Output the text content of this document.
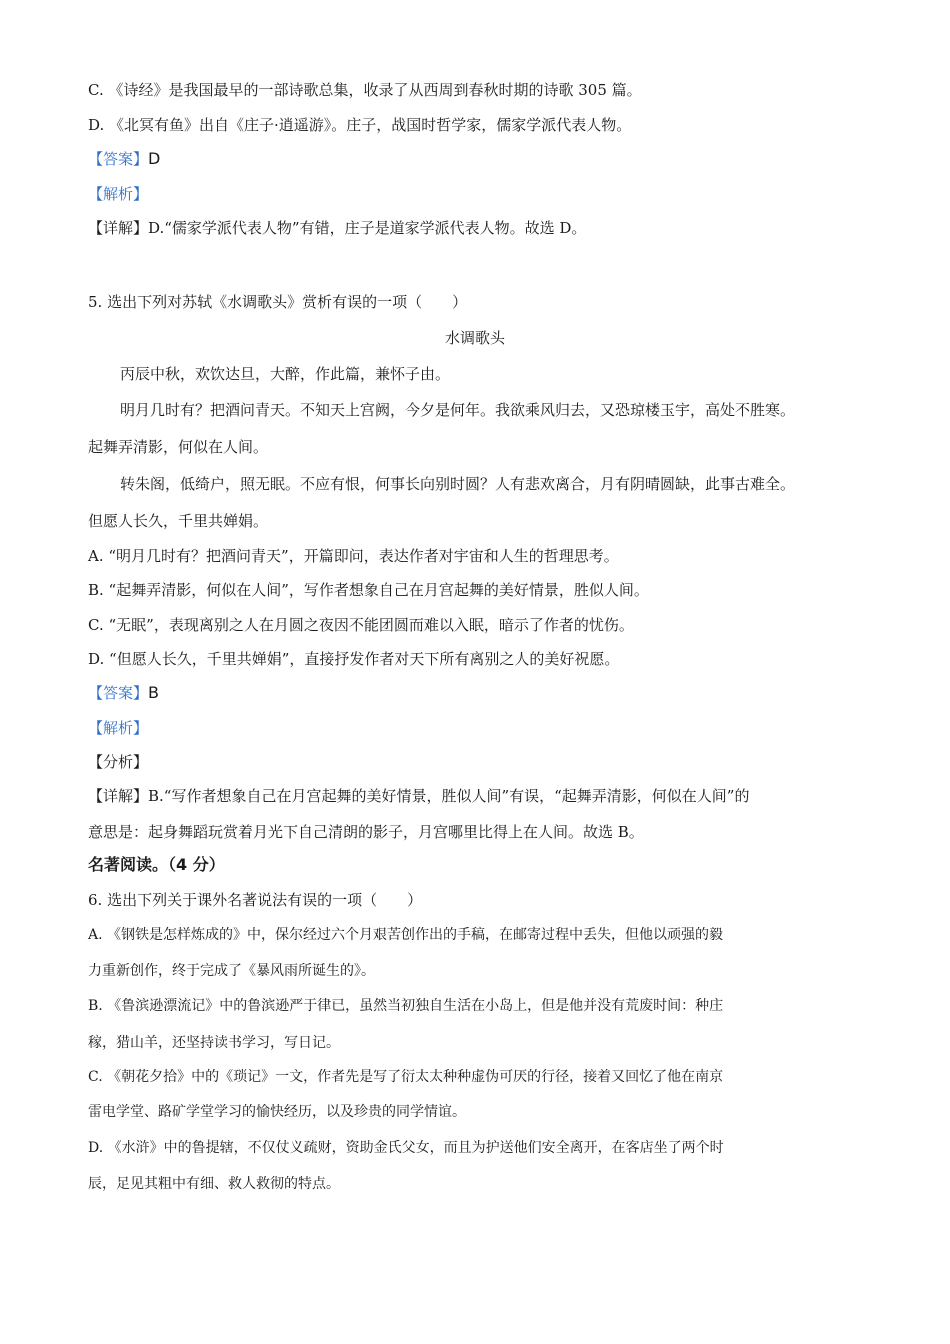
C. 《诗经》是我国最早的一部诗歌总集，收录了从西周到春秋时期的诗歌 305 篇。
D. 《北冥有鱼》出自《庄子·逍遥游》。庄子，战国时哲学家，儒家学派代表人物。
【答案】D
【解析】
【详解】D.“儒家学派代表人物”有错，庄子是道家学派代表人物。故选 D。
5. 选出下列对苏轼《水调歌头》赏析有误的一项（　　）
水调歌头
丙辰中秋，欢饮达旦，大醉，作此篇，兼怀子由。
明月几时有？把酒问青天。不知天上宫阙，今夕是何年。我欲乘风归去，又恐琼楼玉宇，高处不胜寒。
起舞弄清影，何似在人间。
转朱阁，低绮户，照无眠。不应有恨，何事长向别时圆？人有悲欢离合，月有阴晴圆缺，此事古难全。
但愿人长久，千里共婵娟。
A. “明月几时有？把酒问青天”，开篇即问，表达作者对宇宙和人生的哲理思考。
B. “起舞弄清影，何似在人间”，写作者想象自己在月宫起舞的美好情景，胜似人间。
C. “无眠”，表现离别之人在月圆之夜因不能团圆而难以入眠，暗示了作者的忧伤。
D. “但愿人长久，千里共婵娟”，直接抒发作者对天下所有离别之人的美好祝愿。
【答案】B
【解析】
【分析】
【详解】B.“写作者想象自己在月宫起舞的美好情景，胜似人间”有误，“起舞弄清影，何似在人间”的
意思是：起身舞蹈玩赏着月光下自己清朗的影子，月宫哪里比得上在人间。故选 B。
名著阅读。（4 分）
6. 选出下列关于课外名著说法有误的一项（　　）
A. 《钢铁是怎样炼成的》中，保尔经过六个月艰苦创作出的手稿，在邮寄过程中丢失，但他以顽强的毅
力重新创作，终于完成了《暴风雨所诞生的》。
B. 《鲁滨逊漂流记》中的鲁滨逊严于律已，虽然当初独自生活在小岛上，但是他并没有荒废时间：种庄
稼，猎山羊，还坚持读书学习，写日记。
C. 《朝花夕拾》中的《琐记》一文，作者先是写了衍太太种种虚伪可厌的行径，接着又回忆了他在南京
雷电学堂、路矿学堂学习的愉快经历，以及珍贵的同学情谊。
D. 《水浒》中的鲁提辖，不仅仗义疏财，资助金氏父女，而且为护送他们安全离开，在客店坐了两个时
辰，足见其粗中有细、救人救彻的特点。
